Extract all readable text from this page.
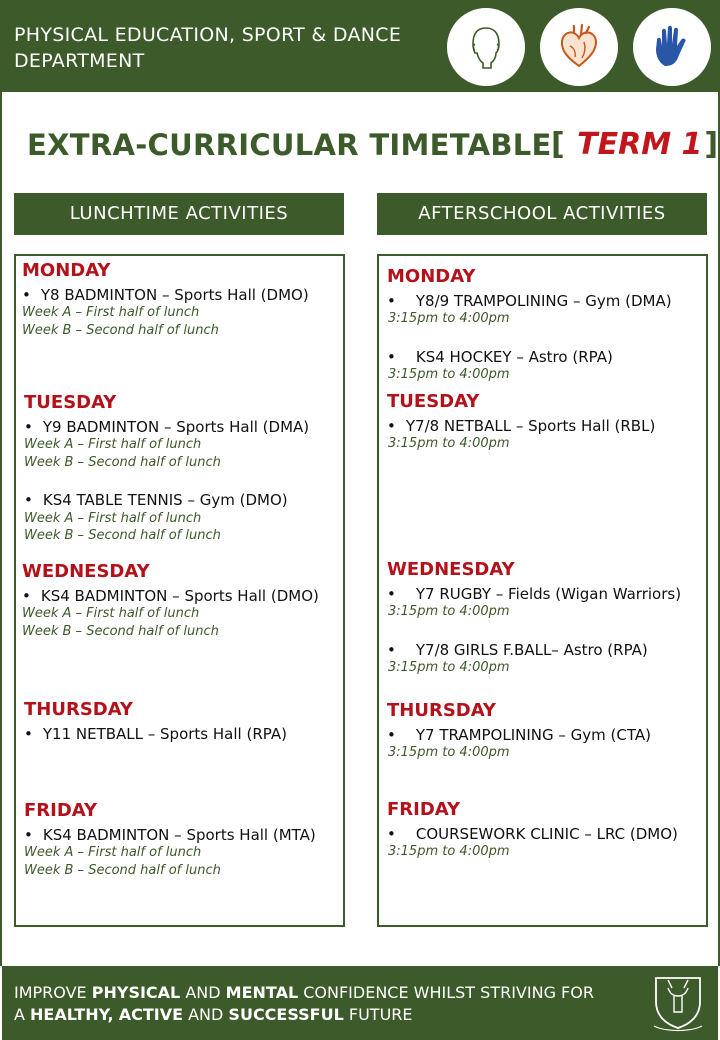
PHYSICAL EDUCATION, SPORT & DANCE
DEPARTMENT
EXTRA-CURRICULAR TIMETABLE [ TERM 1]
LUNCHTIME ACTIVITIES	AFTERSCHOOL ACTIVITIES
MONDAY
• Y8 BADMINTON – Sports Hall (DMO)
Week A – First half of lunch
Week B – Second half of lunch
TUESDAY
• Y9 BADMINTON – Sports Hall (DMA)
Week A – First half of lunch
Week B – Second half of lunch
• KS4 TABLE TENNIS – Gym (DMO)
Week A – First half of lunch
Week B – Second half of lunch
WEDNESDAY
• KS4 BADMINTON – Sports Hall (DMO)
Week A – First half of lunch
Week B – Second half of lunch
THURSDAY
• Y11 NETBALL – Sports Hall (RPA)
FRIDAY
• KS4 BADMINTON – Sports Hall (MTA)
Week A – First half of lunch
Week B – Second half of lunch
MONDAY
• Y8/9 TRAMPOLINING – Gym (DMA)
3:15pm to 4:00pm
• KS4 HOCKEY – Astro (RPA)
3:15pm to 4:00pm
TUESDAY
• Y7/8 NETBALL – Sports Hall (RBL)
3:15pm to 4:00pm
WEDNESDAY
• Y7 RUGBY – Fields (Wigan Warriors)
3:15pm to 4:00pm
• Y7/8 GIRLS F.BALL– Astro (RPA)
3:15pm to 4:00pm
THURSDAY
• Y7 TRAMPOLINING – Gym (CTA)
3:15pm to 4:00pm
FRIDAY
• COURSEWORK CLINIC – LRC (DMO)
3:15pm to 4:00pm
IMPROVE PHYSICAL AND MENTAL CONFIDENCE WHILST STRIVING FOR
A HEALTHY, ACTIVE AND SUCCESSFUL FUTURE
